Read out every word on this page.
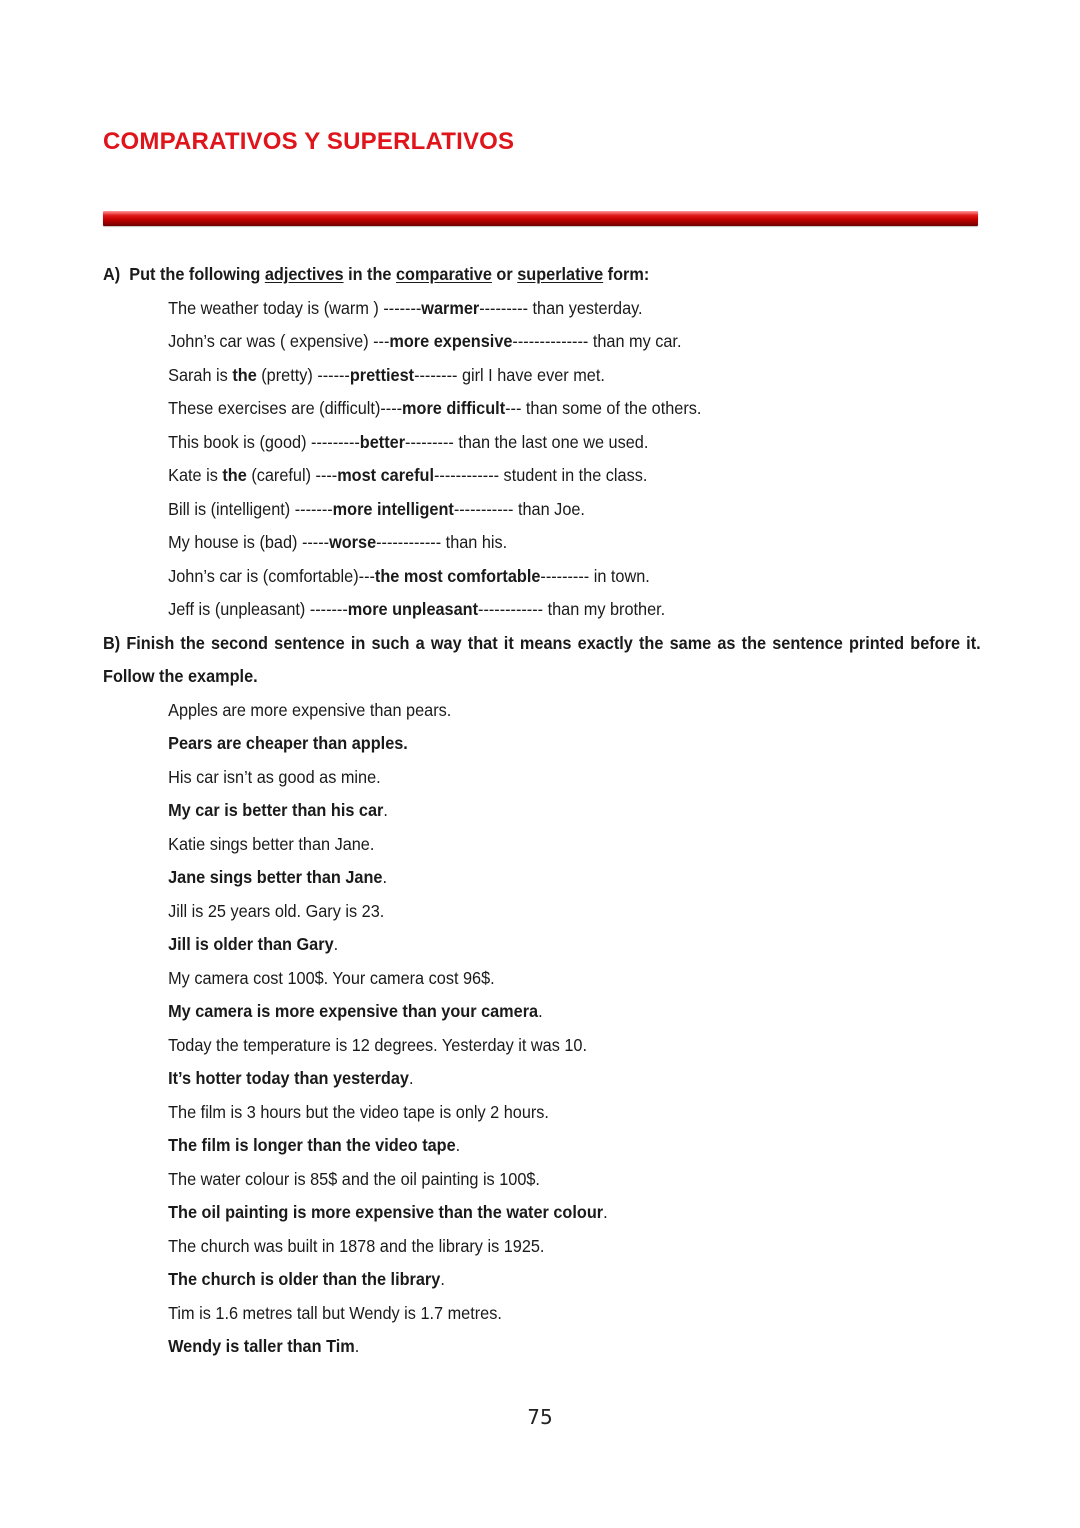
COMPARATIVOS Y SUPERLATIVOS
A) Put the following adjectives in the comparative or superlative form:
The weather today is (warm ) -------warmer--------- than yesterday.
John’s car was ( expensive) ---more expensive-------------- than my car.
Sarah is the (pretty) ------prettiest-------- girl I have ever met.
These exercises are (difficult)----more difficult--- than some of the others.
This book is (good) ---------better--------- than the last one we used.
Kate is the (careful) ----most careful------------ student in the class.
Bill is (intelligent) -------more intelligent----------- than Joe.
My house is (bad) -----worse------------ than his.
John’s car is (comfortable)---the most comfortable--------- in town.
Jeff is (unpleasant) -------more unpleasant------------ than my brother.
B) Finish the second sentence in such a way that it means exactly the same as the sentence printed before it.
Follow the example.
Apples are more expensive than pears.
Pears are cheaper than apples.
His car isn’t as good as mine.
My car is better than his car.
Katie sings better than Jane.
Jane sings better than Jane.
Jill is 25 years old. Gary is 23.
Jill is older than Gary.
My camera cost 100$. Your camera cost 96$.
My camera is more expensive than your camera.
Today the temperature is 12 degrees. Yesterday it was 10.
It’s hotter today than yesterday.
The film is 3 hours but the video tape is only 2 hours.
The film is longer than the video tape.
The water colour is 85$ and the oil painting is 100$.
The oil painting is more expensive than the water colour.
The church was built in 1878 and the library is 1925.
The church is older than the library.
Tim is 1.6 metres tall but Wendy is 1.7 metres.
Wendy is taller than Tim.
75
